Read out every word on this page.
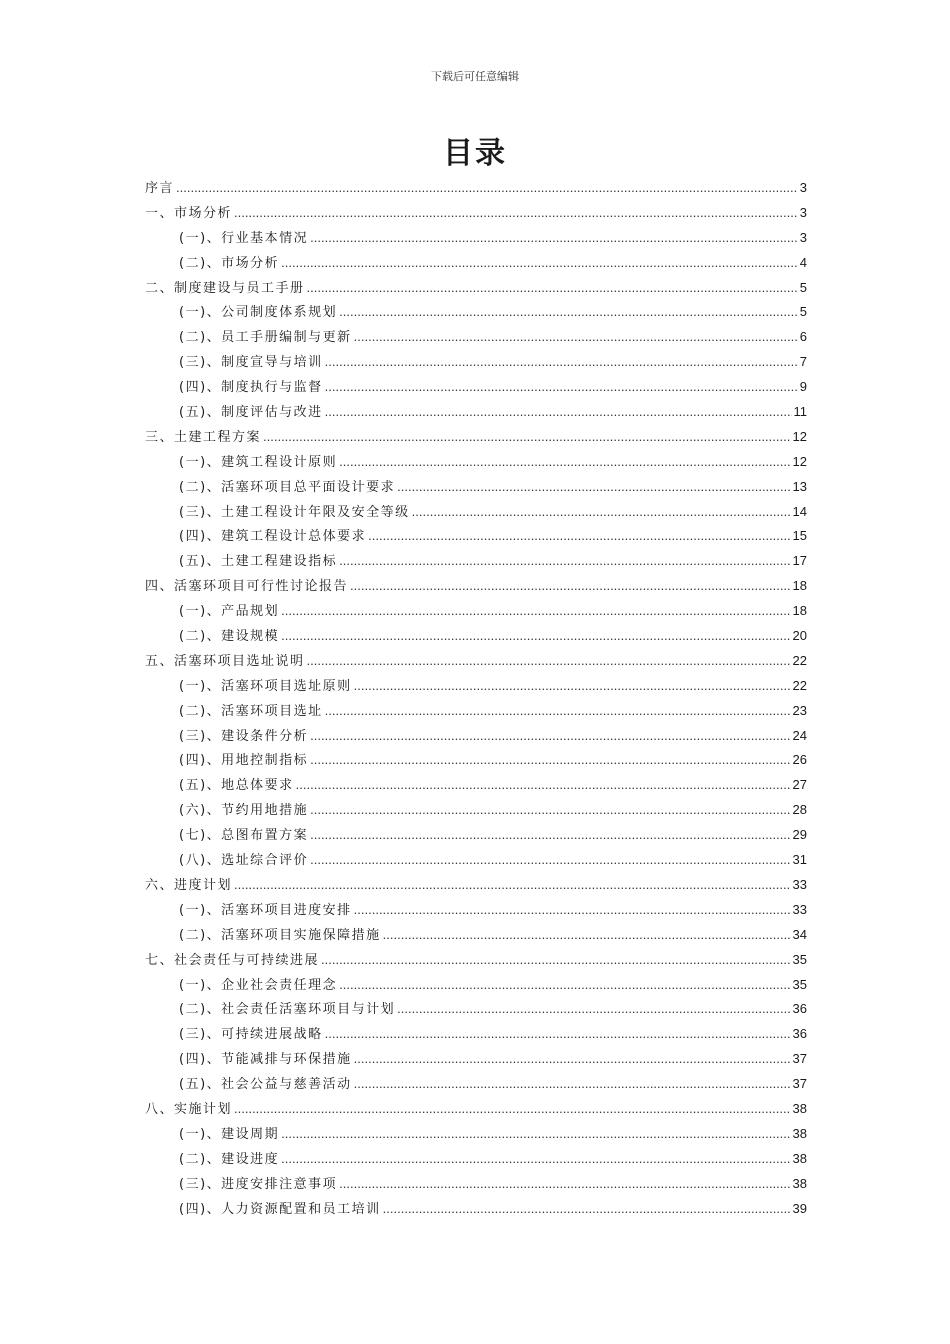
下载后可任意编辑
目录
序言 .....	3
一、市场分析 .....	3
(一)、行业基本情况 .....	3
(二)、市场分析 .....	4
二、制度建设与员工手册 .....	5
(一)、公司制度体系规划 .....	5
(二)、员工手册编制与更新 .....	6
(三)、制度宣导与培训 .....	7
(四)、制度执行与监督 .....	9
(五)、制度评估与改进 .....	11
三、土建工程方案 .....	12
(一)、建筑工程设计原则 .....	12
(二)、活塞环项目总平面设计要求 .....	13
(三)、土建工程设计年限及安全等级 .....	14
(四)、建筑工程设计总体要求 .....	15
(五)、土建工程建设指标 .....	17
四、活塞环项目可行性讨论报告 .....	18
(一)、产品规划 .....	18
(二)、建设规模 .....	20
五、活塞环项目选址说明 .....	22
(一)、活塞环项目选址原则 .....	22
(二)、活塞环项目选址 .....	23
(三)、建设条件分析 .....	24
(四)、用地控制指标 .....	26
(五)、地总体要求 .....	27
(六)、节约用地措施 .....	28
(七)、总图布置方案 .....	29
(八)、选址综合评价 .....	31
六、进度计划 .....	33
(一)、活塞环项目进度安排 .....	33
(二)、活塞环项目实施保障措施 .....	34
七、社会责任与可持续进展 .....	35
(一)、企业社会责任理念 .....	35
(二)、社会责任活塞环项目与计划 .....	36
(三)、可持续进展战略 .....	36
(四)、节能减排与环保措施 .....	37
(五)、社会公益与慈善活动 .....	37
八、实施计划 .....	38
(一)、建设周期 .....	38
(二)、建设进度 .....	38
(三)、进度安排注意事项 .....	38
(四)、人力资源配置和员工培训 .....	39
